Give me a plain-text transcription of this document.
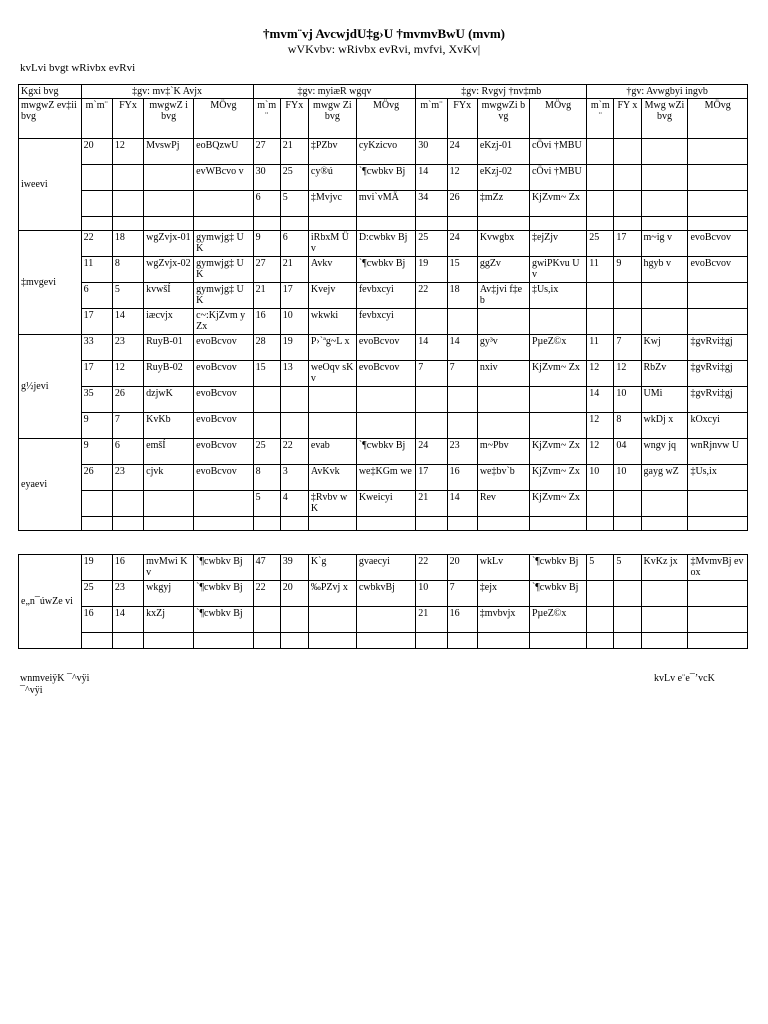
†mvm¨vj AvcwjdU‡g›U †mvmvBwU (mvm)
wVKvbv: wRivbx evRvi, mvfvi, XvKv|
kvLvi bvgt wRivbx evRvi
Kgxi bvg	‡gv: mv‡`K Avjx				‡gv: myiæR wgqv				‡gv: Rvgvj †nv‡mb				†gv: Avwgbyi ingvb			
mwgwZ ev‡ii bvg	m`m¨	FYx	mwgwZ i bvg	MÖvg	m`m¨	FYx	mwgw Zi bvg	MÖvg	m`m¨	FYx	mwgwZi bvg	MÖvg	m`m¨	FY x	Mwg wZi bvg	MÖvg
iweevi	20	12	MvswPj	eoBQzwU	27	21	‡PZbv	cyKzicvo	30	24	eKzj-01	cÖvi †MBU				
				evWBcvo v	30	25	cy®ú	`¶cwbkv Bj	14	12	eKzj-02	cÖvi †MBU				
					6	5	‡Mvjvc	mvi`vMÄ	34	26	‡mZz	KjZvm~ Zx				

‡mvgevi	22	18	wgZvjx-01	gymwjg‡ UK	9	6	iRbxM Üv	D:cwbkv Bj	25	24	Kvwgbx	‡ejZjv	25	17	m~ig v	evoBcvov
	11	8	wgZvjx-02	gymwjg‡ UK	27	21	Avkv	`¶cwbkv Bj	19	15	ggZv	gwiPKvu Uv	11	9	hgyb v	evoBcvov
	6	5	kvwšÍ	gymwjg‡ UK	21	17	Kvejv	fevbxcyi	22	18	Av‡jvi f‡eb	‡Us,ix				
	17	14	iæcvjx	c~:KjZvm yZx	16	10	wkwki	fevbxcyi								
g½jevi	33	23	RuyB-01	evoBcvov	28	19	P›`ªg~L x	evoBcvov	14	14	gy³v	PµeZ©x	11	7	Kwj	‡gvRvi‡gj
	17	12	RuyB-02	evoBcvov	15	13	weOqv sKv	evoBcvov	7	7	nxiv	KjZvm~ Zx	12	12	RbZv	‡gvRvi‡gj
	35	26	dzjwK	evoBcvov									14	10	UMi	‡gvRvi‡gj
	9	7	KvKb	evoBcvov									12	8	wkDj x	kOxcyi
eyaevi	9	6	emšÍ	evoBcvov	25	22	evab	`¶cwbkv Bj	24	23	m~Pbv	KjZvm~ Zx	12	04	wngv jq	wnRjnvw U
	26	23	cjvk	evoBcvov	8	3	AvKvk	we‡KGm we	17	16	we‡bv`b	KjZvm~ Zx	10	10	gayg wZ	‡Us,ix
					5	4	‡Rvbv wK	Kweicyi	21	14	Rev	KjZvm~ Zx				

e„n¯úwZe vi	19	16	mvMwi Kv	`¶cwbkv Bj	47	39	K`g	gvaecyi	22	20	wkLv	`¶cwbkv Bj	5	5	KvKz jx	‡MvmvBj evox
	25	23	wkgyj	`¶cwbkv Bj	22	20	‰PZvj x	cwbkvBj	10	7	‡ejx	`¶cwbkv Bj				
	16	14	kxZj	`¶cwbkv Bj					21	16	‡mvbvjx	PµeZ©x				

wnmveiÿK ¯^vÿi
¯^vÿi
kvLv e¨e¯’vcK
